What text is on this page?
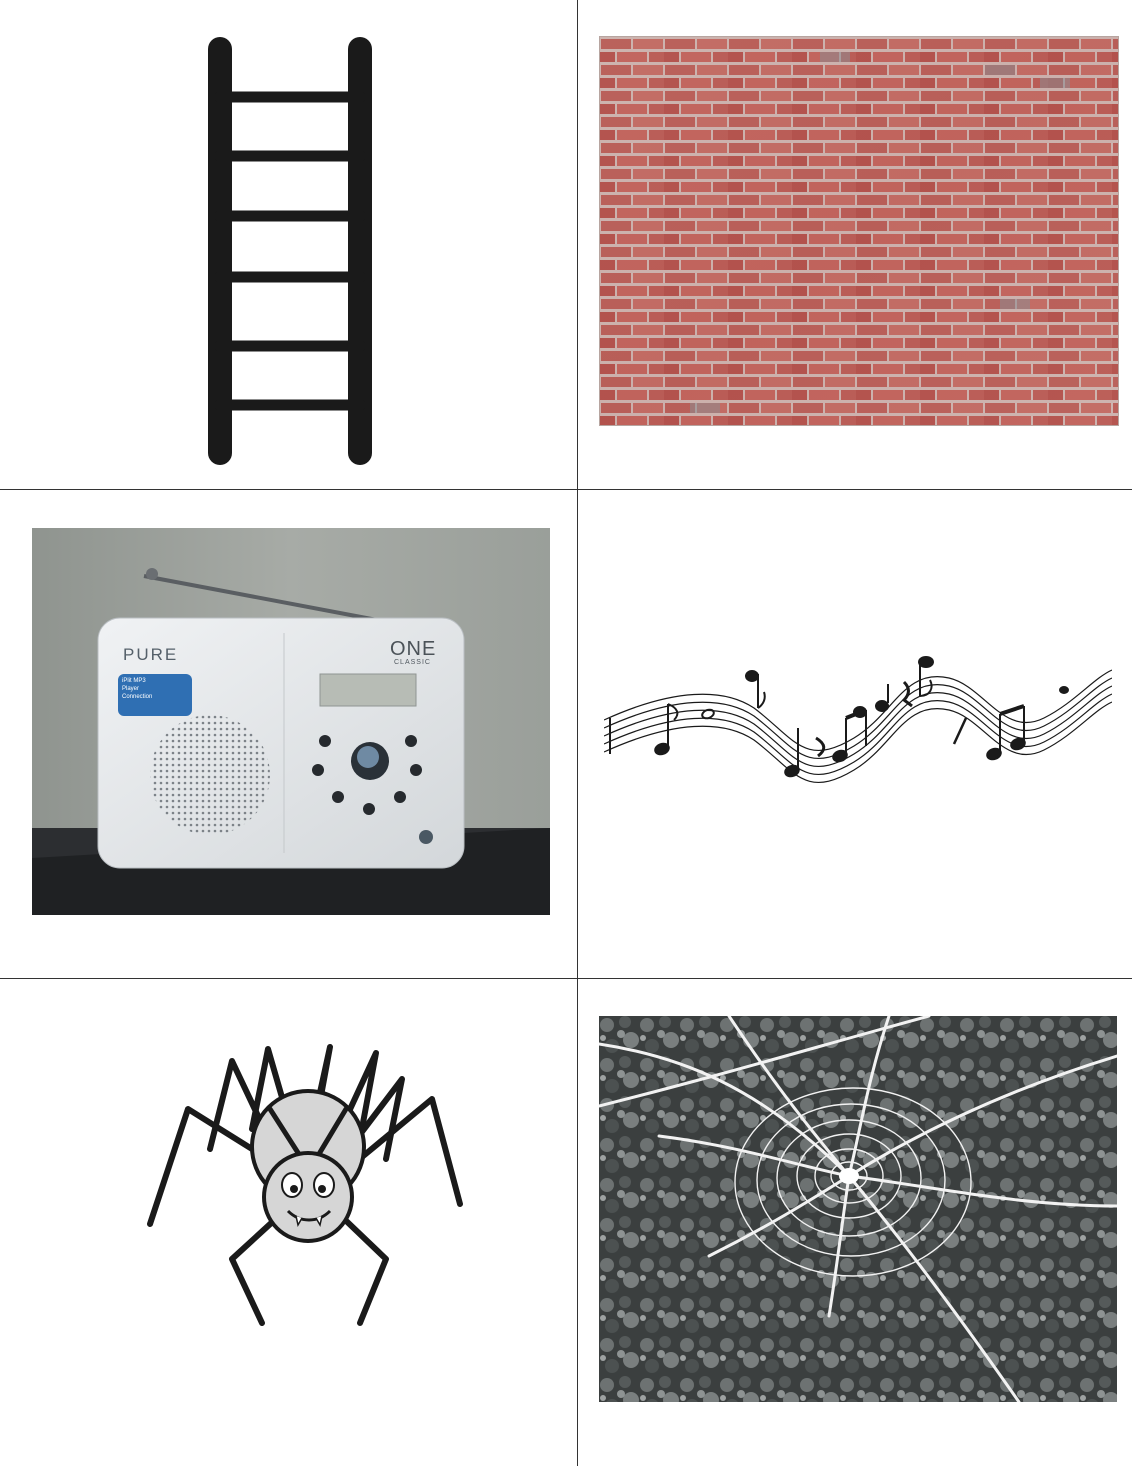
PURE	ONE
CLASSIC
iPlit MP3
Player
Connection
